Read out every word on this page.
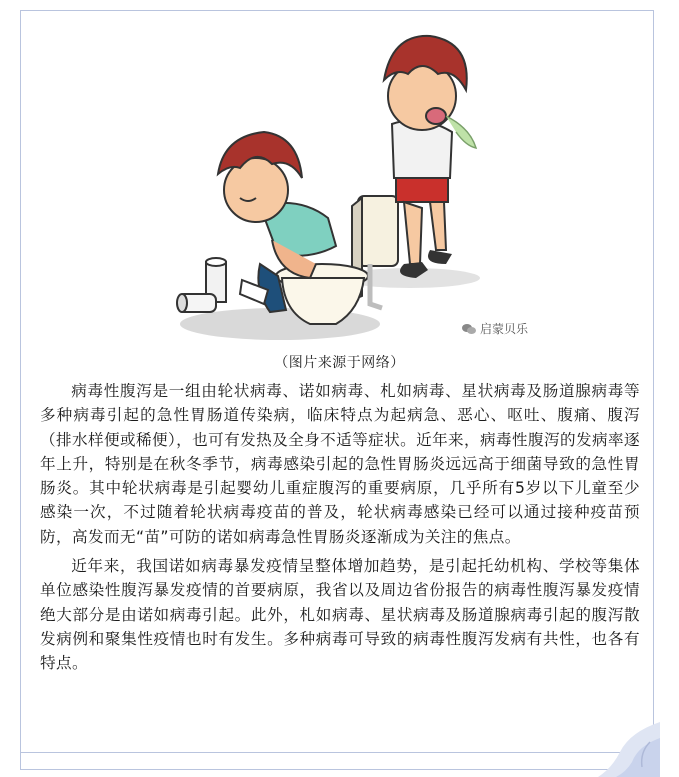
启蒙贝乐
（图片来源于网络）

病毒性腹泻是一组由轮状病毒、诺如病毒、札如病毒、星状病毒及肠道腺病毒等多种病毒引起的急性胃肠道传染病，临床特点为起病急、恶心、呕吐、腹痛、腹泻（排水样便或稀便），也可有发热及全身不适等症状。近年来，病毒性腹泻的发病率逐年上升，特别是在秋冬季节，病毒感染引起的急性胃肠炎远远高于细菌导致的急性胃肠炎。其中轮状病毒是引起婴幼儿重症腹泻的重要病原，几乎所有5岁以下儿童至少感染一次，不过随着轮状病毒疫苗的普及，轮状病毒感染已经可以通过接种疫苗预防，高发而无“苗”可防的诺如病毒急性胃肠炎逐渐成为关注的焦点。

近年来，我国诺如病毒暴发疫情呈整体增加趋势，是引起托幼机构、学校等集体单位感染性腹泻暴发疫情的首要病原，我省以及周边省份报告的病毒性腹泻暴发疫情绝大部分是由诺如病毒引起。此外，札如病毒、星状病毒及肠道腺病毒引起的腹泻散发病例和聚集性疫情也时有发生。多种病毒可导致的病毒性腹泻发病有共性，也各有特点。
